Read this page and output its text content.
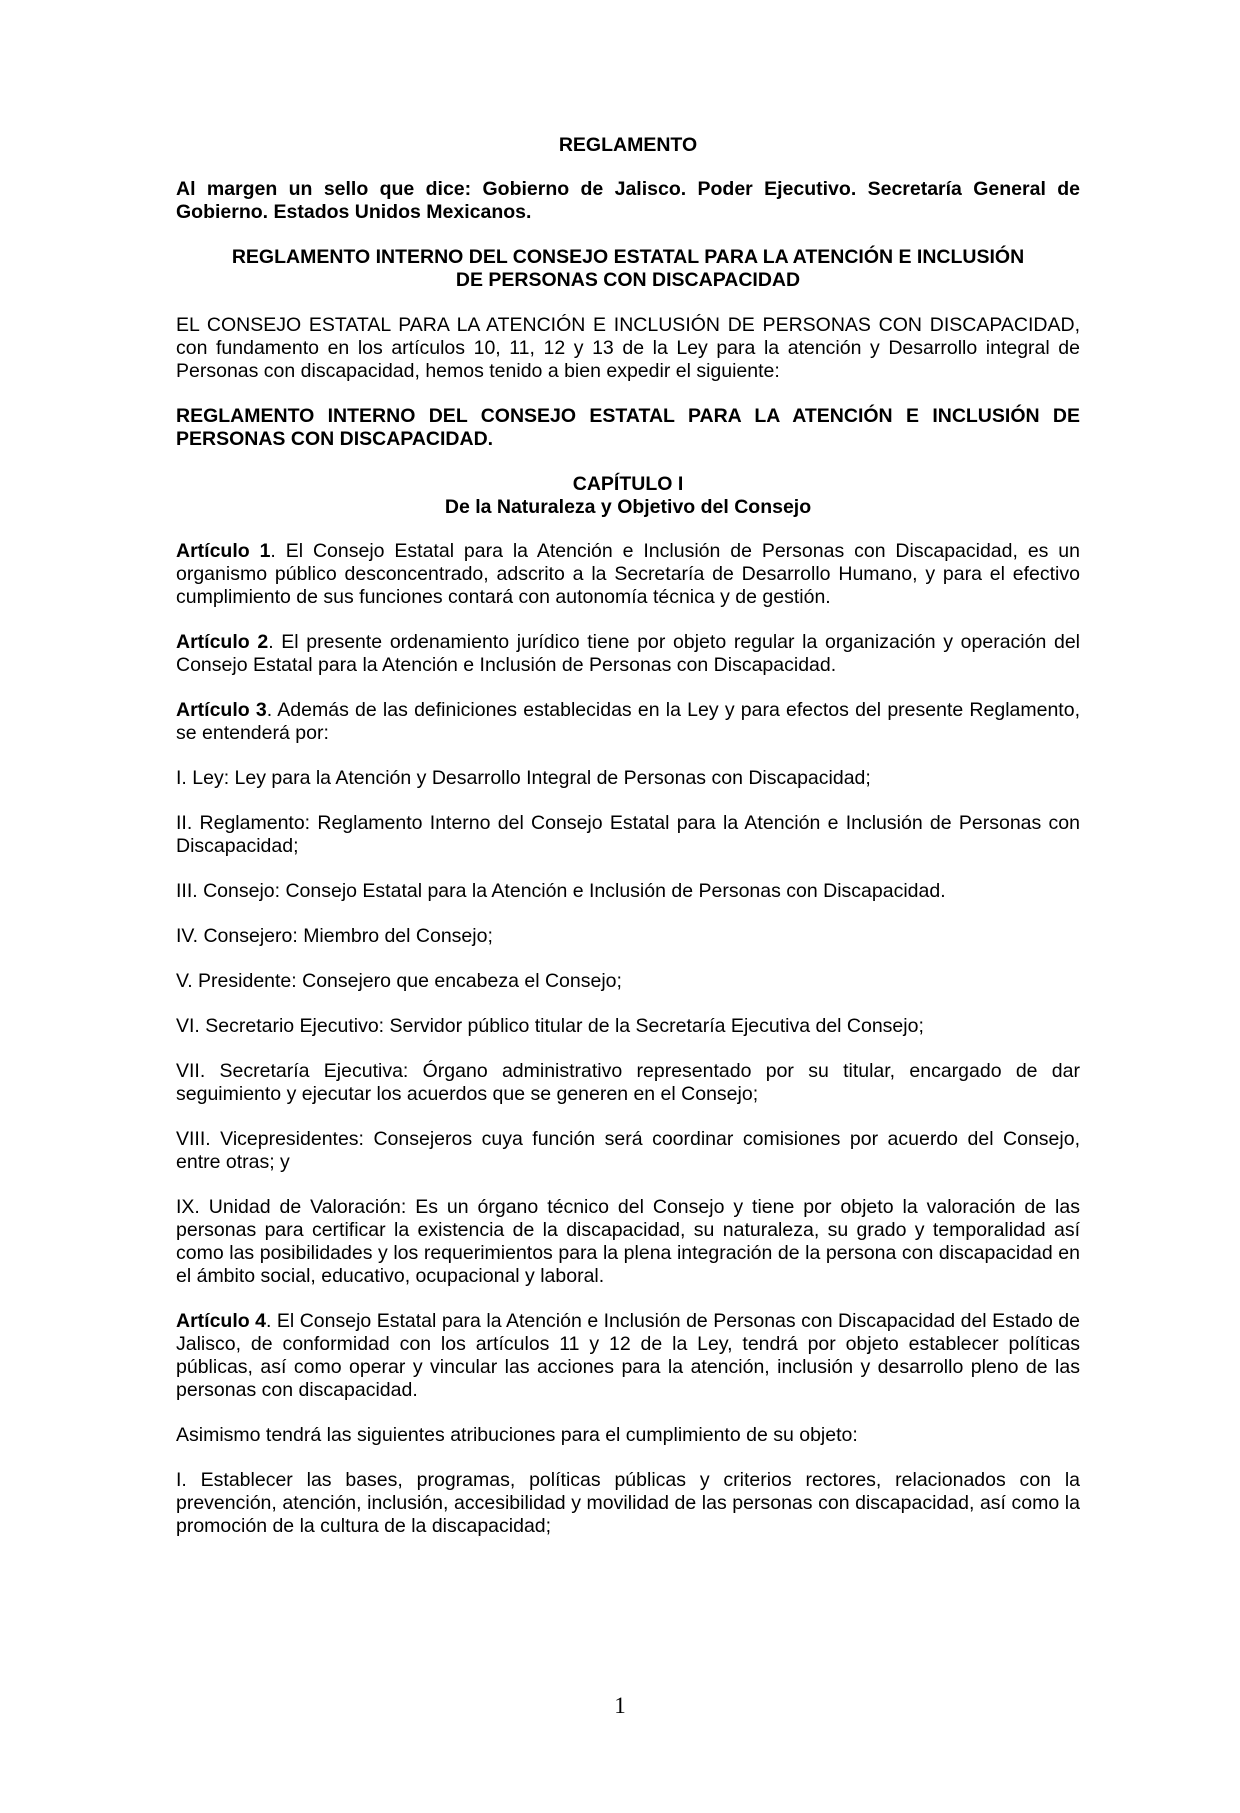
REGLAMENTO

Al margen un sello que dice: Gobierno de Jalisco. Poder Ejecutivo. Secretaría General de Gobierno. Estados Unidos Mexicanos.

REGLAMENTO INTERNO DEL CONSEJO ESTATAL PARA LA ATENCIÓN E INCLUSIÓN
DE PERSONAS CON DISCAPACIDAD

EL CONSEJO ESTATAL PARA LA ATENCIÓN E INCLUSIÓN DE PERSONAS CON DISCAPACIDAD, con fundamento en los artículos 10, 11, 12 y 13 de la Ley para la atención y Desarrollo integral de Personas con discapacidad, hemos tenido a bien expedir el siguiente:

REGLAMENTO INTERNO DEL CONSEJO ESTATAL PARA LA ATENCIÓN E INCLUSIÓN DE PERSONAS CON DISCAPACIDAD.

CAPÍTULO I
De la Naturaleza y Objetivo del Consejo

Artículo 1. El Consejo Estatal para la Atención e Inclusión de Personas con Discapacidad, es un organismo público desconcentrado, adscrito a la Secretaría de Desarrollo Humano, y para el efectivo cumplimiento de sus funciones contará con autonomía técnica y de gestión.

Artículo 2. El presente ordenamiento jurídico tiene por objeto regular la organización y operación del Consejo Estatal para la Atención e Inclusión de Personas con Discapacidad.

Artículo 3. Además de las definiciones establecidas en la Ley y para efectos del presente Reglamento, se entenderá por:

I. Ley: Ley para la Atención y Desarrollo Integral de Personas con Discapacidad;

II. Reglamento: Reglamento Interno del Consejo Estatal para la Atención e Inclusión de Personas con Discapacidad;

III. Consejo: Consejo Estatal para la Atención e Inclusión de Personas con Discapacidad.

IV. Consejero: Miembro del Consejo;

V. Presidente: Consejero que encabeza el Consejo;

VI. Secretario Ejecutivo: Servidor público titular de la Secretaría Ejecutiva del Consejo;

VII. Secretaría Ejecutiva: Órgano administrativo representado por su titular, encargado de dar seguimiento y ejecutar los acuerdos que se generen en el Consejo;

VIII. Vicepresidentes: Consejeros cuya función será coordinar comisiones por acuerdo del Consejo, entre otras; y

IX. Unidad de Valoración: Es un órgano técnico del Consejo y tiene por objeto la valoración de las personas para certificar la existencia de la discapacidad, su naturaleza, su grado y temporalidad así como las posibilidades y los requerimientos para la plena integración de la persona con discapacidad en el ámbito social, educativo, ocupacional y laboral.

Artículo 4. El Consejo Estatal para la Atención e Inclusión de Personas con Discapacidad del Estado de Jalisco, de conformidad con los artículos 11 y 12 de la Ley, tendrá por objeto establecer políticas públicas, así como operar y vincular las acciones para la atención, inclusión y desarrollo pleno de las personas con discapacidad.

Asimismo tendrá las siguientes atribuciones para el cumplimiento de su objeto:

I. Establecer las bases, programas, políticas públicas y criterios rectores, relacionados con la prevención, atención, inclusión, accesibilidad y movilidad de las personas con discapacidad, así como la promoción de la cultura de la discapacidad;

1
